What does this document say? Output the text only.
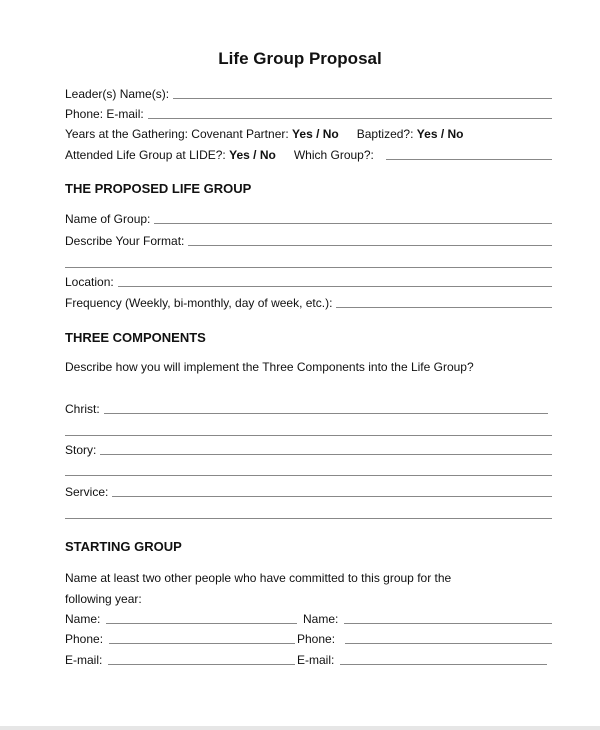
Life Group Proposal
Leader(s) Name(s):
Phone: E-mail:
Years at the Gathering: Covenant Partner:
Yes / No Baptized?:
Yes / No
Attended Life Group at LIDE?:
Yes / No Which Group?:
THE PROPOSED LIFE GROUP
Name of Group:
Describe Your Format:
Location:
Frequency (Weekly, bi-monthly, day of week, etc.):
THREE COMPONENTS
Describe how you will implement the Three Components into the Life Group?
Christ:
Story:
Service:
STARTING GROUP
Name at least two other people who have committed to this group for the
following year:
Name:	Name:
Phone:	Phone:
E-mail:	E-mail:
